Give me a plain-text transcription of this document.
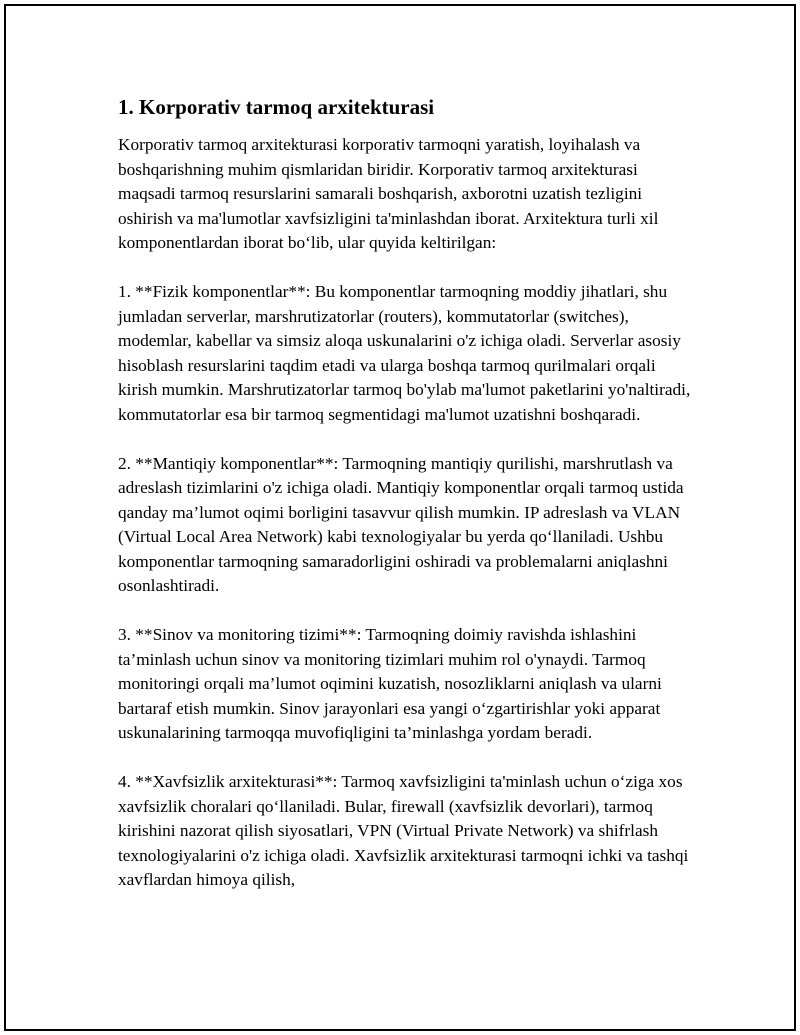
1. Korporativ tarmoq arxitekturasi

Korporativ tarmoq arxitekturasi korporativ tarmoqni yaratish, loyihalash va boshqarishning muhim qismlaridan biridir. Korporativ tarmoq arxitekturasi maqsadi tarmoq resurslarini samarali boshqarish, axborotni uzatish tezligini oshirish va ma'lumotlar xavfsizligini ta'minlashdan iborat. Arxitektura turli xil komponentlardan iborat bo‘lib, ular quyida keltirilgan:

1. **Fizik komponentlar**: Bu komponentlar tarmoqning moddiy jihatlari, shu jumladan serverlar, marshrutizatorlar (routers), kommutatorlar (switches), modemlar, kabellar va simsiz aloqa uskunalarini o'z ichiga oladi. Serverlar asosiy hisoblash resurslarini taqdim etadi va ularga boshqa tarmoq qurilmalari orqali kirish mumkin. Marshrutizatorlar tarmoq bo'ylab ma'lumot paketlarini yo'naltiradi, kommutatorlar esa bir tarmoq segmentidagi ma'lumot uzatishni boshqaradi.

2. **Mantiqiy komponentlar**: Tarmoqning mantiqiy qurilishi, marshrutlash va adreslash tizimlarini o'z ichiga oladi. Mantiqiy komponentlar orqali tarmoq ustida qanday ma’lumot oqimi borligini tasavvur qilish mumkin. IP adreslash va VLAN (Virtual Local Area Network) kabi texnologiyalar bu yerda qo‘llaniladi. Ushbu komponentlar tarmoqning samaradorligini oshiradi va problemalarni aniqlashni osonlashtiradi.

3. **Sinov va monitoring tizimi**: Tarmoqning doimiy ravishda ishlashini ta’minlash uchun sinov va monitoring tizimlari muhim rol o'ynaydi. Tarmoq monitoringi orqali ma’lumot oqimini kuzatish, nosozliklarni aniqlash va ularni bartaraf etish mumkin. Sinov jarayonlari esa yangi o‘zgartirishlar yoki apparat uskunalarining tarmoqqa muvofiqligini ta’minlashga yordam beradi.

4. **Xavfsizlik arxitekturasi**: Tarmoq xavfsizligini ta'minlash uchun o‘ziga xos xavfsizlik choralari qo‘llaniladi. Bular, firewall (xavfsizlik devorlari), tarmoq kirishini nazorat qilish siyosatlari, VPN (Virtual Private Network) va shifrlash texnologiyalarini o'z ichiga oladi. Xavfsizlik arxitekturasi tarmoqni ichki va tashqi xavflardan himoya qilish,
